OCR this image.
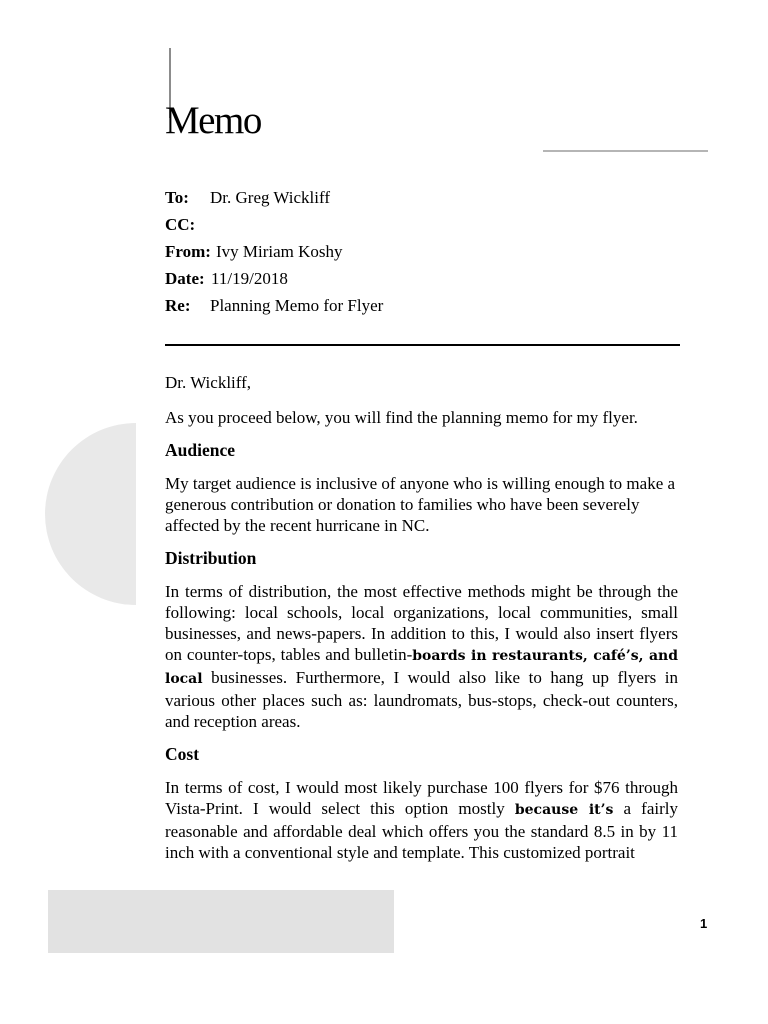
Memo
To: Dr. Greg Wickliff
CC:
From: Ivy Miriam Koshy
Date: 11/19/2018
Re: Planning Memo for Flyer

Dr. Wickliff,

As you proceed below, you will find the planning memo for my flyer.

Audience

My target audience is inclusive of anyone who is willing enough to make a generous contribution or donation to families who have been severely affected by the recent hurricane in NC.

Distribution

In terms of distribution, the most effective methods might be through the following: local schools, local organizations, local communities, small businesses, and news-papers. In addition to this, I would also insert flyers on counter-tops, tables and bulletin-boards in restaurants, café’s, and local businesses. Furthermore, I would also like to hang up flyers in various other places such as: laundromats, bus-stops, check-out counters, and reception areas.

Cost

In terms of cost, I would most likely purchase 100 flyers for $76 through Vista-Print. I would select this option mostly because it’s a fairly reasonable and affordable deal which offers you the standard 8.5 in by 11 inch with a conventional style and template. This customized portrait

1
